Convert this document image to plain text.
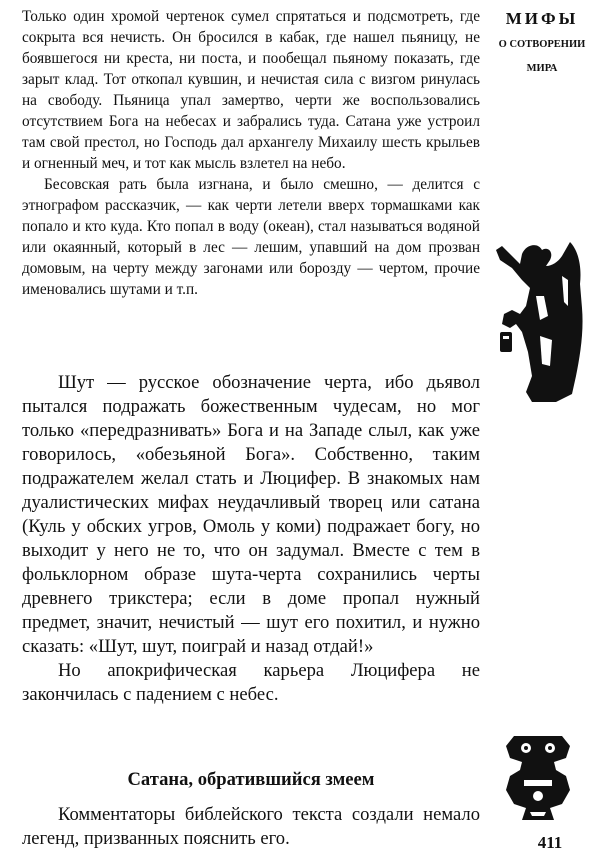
МИФЫ
О СОТВОРЕНИИ
МИРА

Только один хромой чертенок сумел спрятаться и подсмотреть, где сокрыта вся нечисть. Он бросился в кабак, где нашел пьяницу, не боявшегося ни креста, ни поста, и пообещал пьяному показать, где зарыт клад. Тот откопал кувшин, и нечистая сила с визгом ринулась на свободу. Пьяница упал замертво, черти же воспользовались отсутствием Бога на небесах и забрались туда. Сатана уже устроил там свой престол, но Господь дал архангелу Михаилу шесть крыльев и огненный меч, и тот как мысль взлетел на небо.

Бесовская рать была изгнана, и было смешно, — делится с этнографом рассказчик, — как черти летели вверх тормашками как попало и кто куда. Кто попал в воду (океан), стал называться водяной или окаянный, который в лес — лешим, упавший на дом прозван домовым, на черту между загонами или борозду — чертом, прочие именовались шутами и т.п.

Шут — русское обозначение черта, ибо дьявол пытался подражать божественным чудесам, но мог только «передразнивать» Бога и на Западе слыл, как уже говорилось, «обезьяной Бога». Собственно, таким подражателем желал стать и Люцифер. В знакомых нам дуалистических мифах неудачливый творец или сатана (Куль у обских угров, Омоль у коми) подражает богу, но выходит у него не то, что он задумал. Вместе с тем в фольклорном образе шута-черта сохранились черты древнего трикстера; если в доме пропал нужный предмет, значит, нечистый — шут его похитил, и нужно сказать: «Шут, шут, поиграй и назад отдай!»

Но апокрифическая карьера Люцифера не закончилась с падением с небес.

Сатана, обратившийся змеем

Комментаторы библейского текста создали немало легенд, призванных пояснить его.	411
